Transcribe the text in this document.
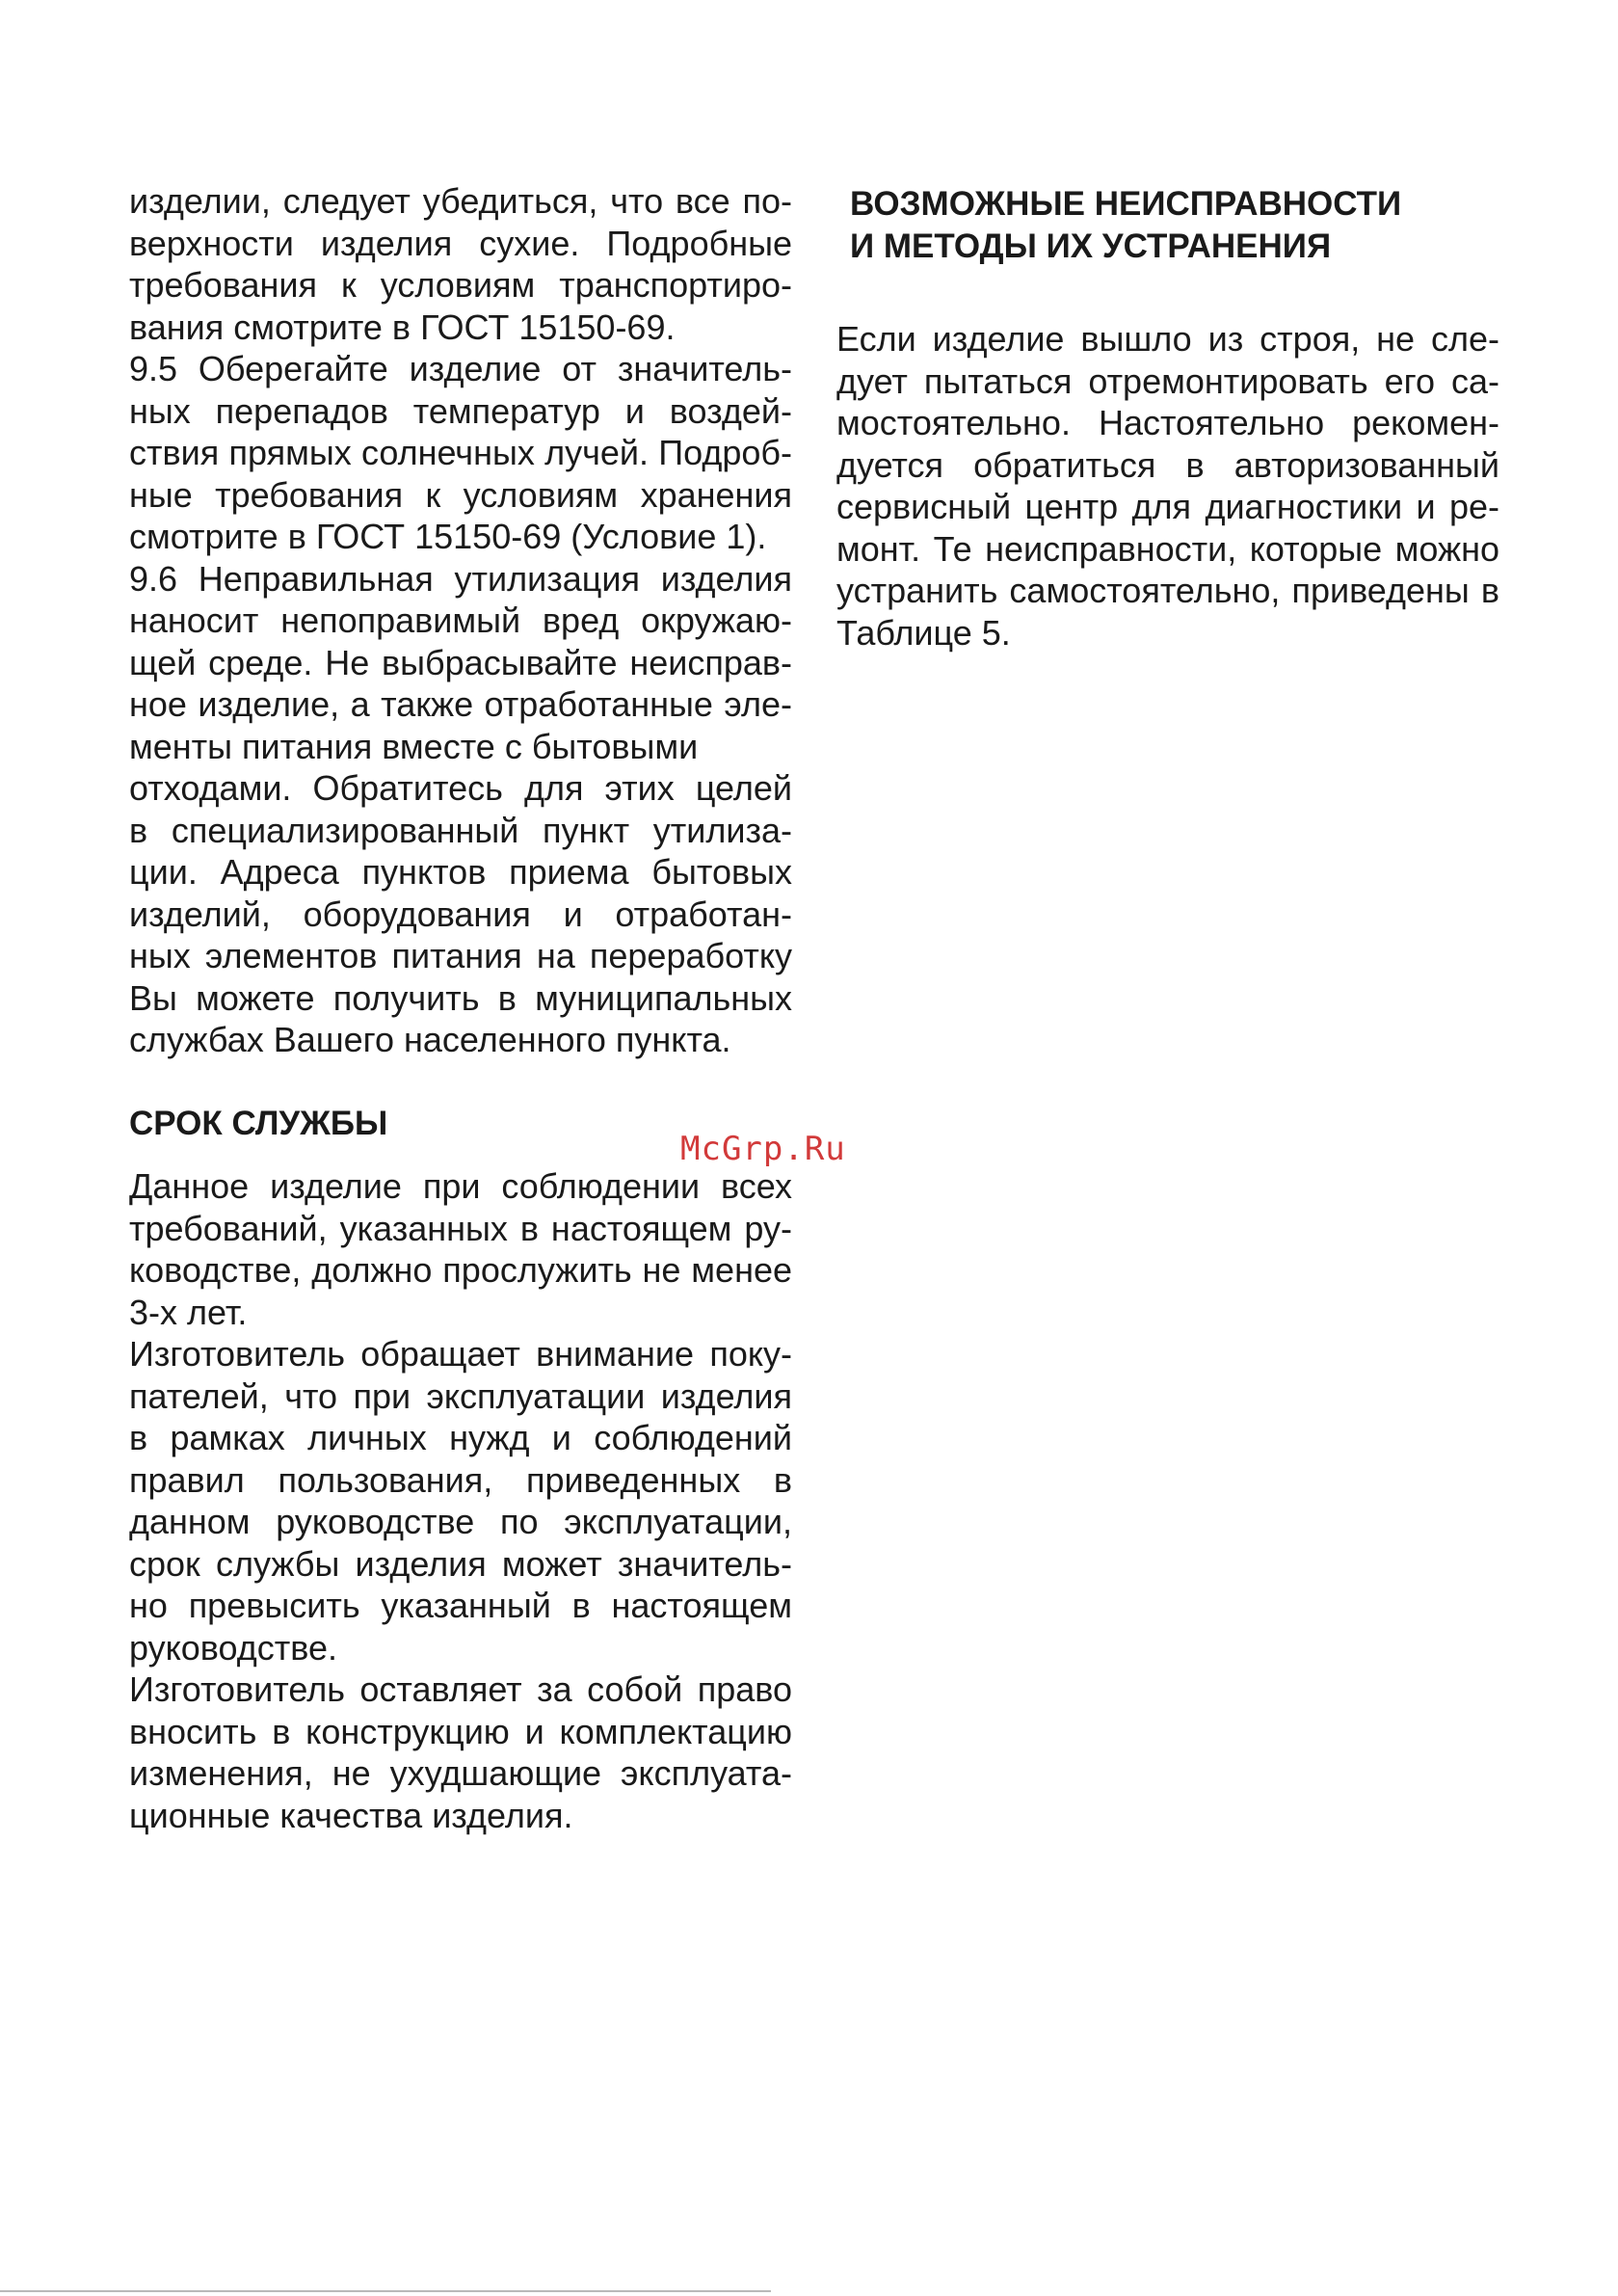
изделии, следует убедиться, что все по-
верхности изделия сухие. Подробные
требования к условиям транспортиро-
вания смотрите в ГОСТ 15150-69.
9.5 Оберегайте изделие от значитель-
ных перепадов температур и воздей-
ствия прямых солнечных лучей. Подроб-
ные требования к условиям хранения
смотрите в ГОСТ 15150-69 (Условие 1).
9.6 Неправильная утилизация изделия
наносит непоправимый вред окружаю-
щей среде. Не выбрасывайте неисправ-
ное изделие, а также отработанные эле-
менты питания вместе с бытовыми
отходами. Обратитесь для этих целей
в специализированный пункт утилиза-
ции. Адреса пунктов приема бытовых
изделий, оборудования и отработан-
ных элементов питания на переработку
Вы можете получить в муниципальных
службах Вашего населенного пункта.
СРОК СЛУЖБЫ
Данное изделие при соблюдении всех
требований, указанных в настоящем ру-
ководстве, должно прослужить не менее
3-х лет.
Изготовитель обращает внимание поку-
пателей, что при эксплуатации изделия
в рамках личных нужд и соблюдений
правил пользования, приведенных в
данном руководстве по эксплуатации,
срок службы изделия может значитель-
но превысить указанный в настоящем
руководстве.
Изготовитель оставляет за собой право
вносить в конструкцию и комплектацию
изменения, не ухудшающие эксплуата-
ционные качества изделия.
ВОЗМОЖНЫЕ НЕИСПРАВНОСТИ
И МЕТОДЫ ИХ УСТРАНЕНИЯ
Если изделие вышло из строя, не сле-
дует пытаться отремонтировать его са-
мостоятельно. Настоятельно рекомен-
дуется обратиться в авторизованный
сервисный центр для диагностики и ре-
монт. Те неисправности, которые можно
устранить самостоятельно, приведены в
Таблице 5.
McGrp.Ru
